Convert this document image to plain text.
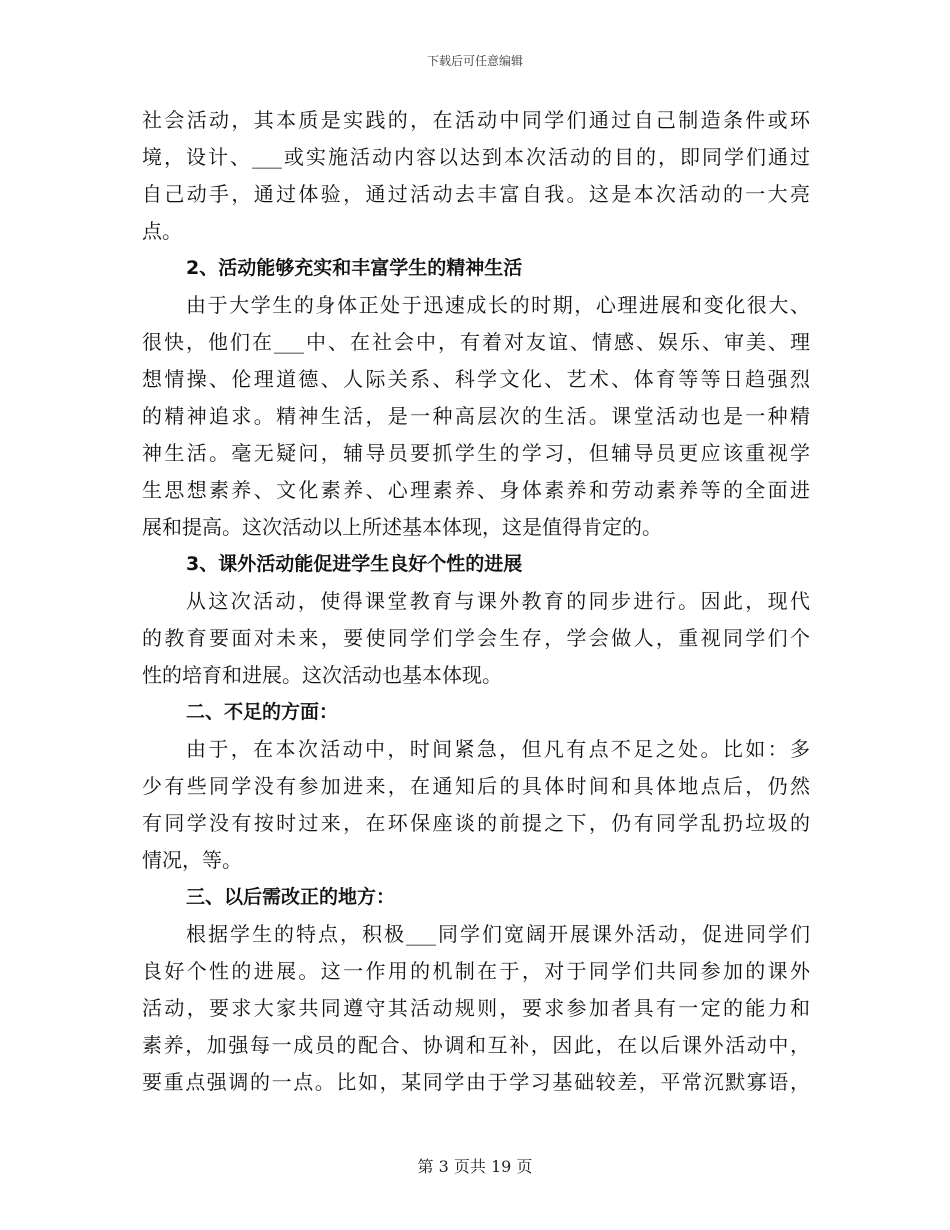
下载后可任意编辑
社会活动，其本质是实践的，在活动中同学们通过自己制造条件或环
境，设计、___或实施活动内容以达到本次活动的目的，即同学们通过
自己动手，通过体验，通过活动去丰富自我。这是本次活动的一大亮
点。
2、活动能够充实和丰富学生的精神生活
由于大学生的身体正处于迅速成长的时期，心理进展和变化很大、
很快，他们在___中、在社会中，有着对友谊、情感、娱乐、审美、理
想情操、伦理道德、人际关系、科学文化、艺术、体育等等日趋强烈
的精神追求。精神生活，是一种高层次的生活。课堂活动也是一种精
神生活。毫无疑问，辅导员要抓学生的学习，但辅导员更应该重视学
生思想素养、文化素养、心理素养、身体素养和劳动素养等的全面进
展和提高。这次活动以上所述基本体现，这是值得肯定的。
3、课外活动能促进学生良好个性的进展
从这次活动，使得课堂教育与课外教育的同步进行。因此，现代
的教育要面对未来，要使同学们学会生存，学会做人，重视同学们个
性的培育和进展。这次活动也基本体现。
二、不足的方面：
由于，在本次活动中，时间紧急，但凡有点不足之处。比如：多
少有些同学没有参加进来，在通知后的具体时间和具体地点后，仍然
有同学没有按时过来，在环保座谈的前提之下，仍有同学乱扔垃圾的
情况，等。
三、以后需改正的地方：
根据学生的特点，积极___同学们宽阔开展课外活动，促进同学们
良好个性的进展。这一作用的机制在于，对于同学们共同参加的课外
活动，要求大家共同遵守其活动规则，要求参加者具有一定的能力和
素养，加强每一成员的配合、协调和互补，因此，在以后课外活动中，
要重点强调的一点。比如，某同学由于学习基础较差，平常沉默寡语，
第 3 页共 19 页
